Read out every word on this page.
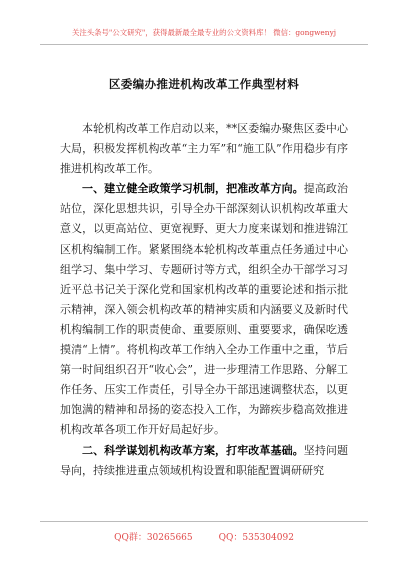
关注头条号"公文研究"，获得最新最全最专业的公文资料库！ 微信：gongwenyj
区委编办推进机构改革工作典型材料

本轮机构改革工作启动以来，**区委编办聚焦区委中心大局，积极发挥机构改革“主力军”和“施工队”作用稳步有序推进机构改革工作。

一、建立健全政策学习机制，把准改革方向。提高政治站位，深化思想共识，引导全办干部深刻认识机构改革重大意义，以更高站位、更宽视野、更大力度来谋划和推进锦江区机构编制工作。紧紧围绕本轮机构改革重点任务通过中心组学习、集中学习、专题研讨等方式，组织全办干部学习习近平总书记关于深化党和国家机构改革的重要论述和指示批示精神，深入领会机构改革的精神实质和内涵要义及新时代机构编制工作的职责使命、重要原则、重要要求，确保吃透摸清“上情”。将机构改革工作纳入全办工作重中之重，节后第一时间组织召开“收心会”，进一步理清工作思路、分解工作任务、压实工作责任，引导全办干部迅速调整状态，以更加饱满的精神和昂扬的姿态投入工作，为蹄疾步稳高效推进机构改革各项工作开好局起好步。

二、科学谋划机构改革方案，打牢改革基础。坚持问题导向，持续推进重点领域机构设置和职能配置调研研究

QQ群：30265665	QQ：535304092
